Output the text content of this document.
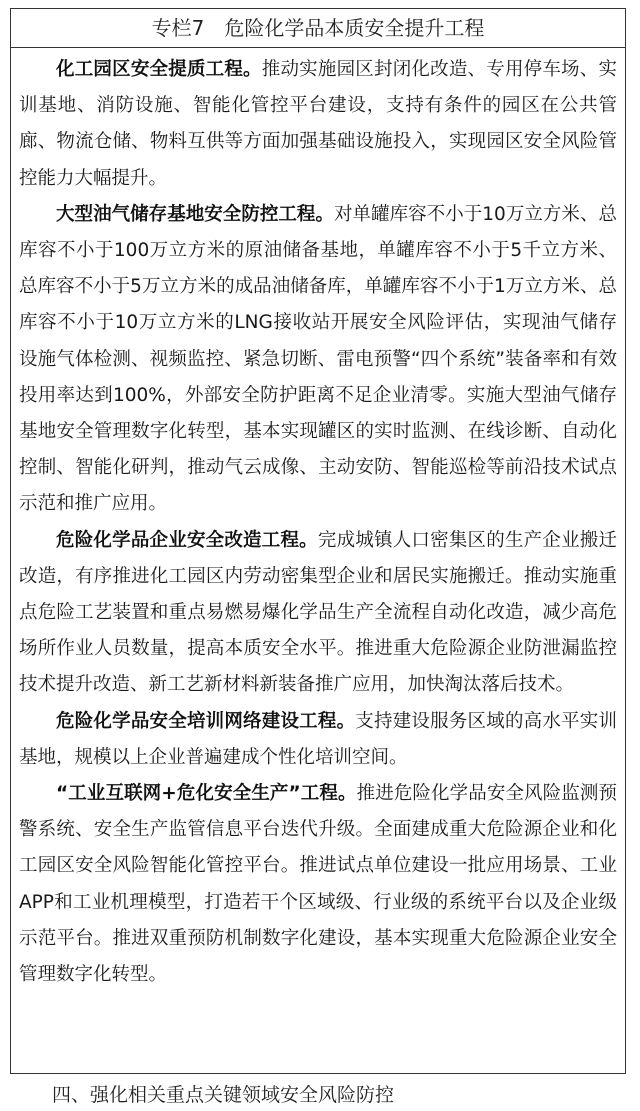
专栏7　危险化学品本质安全提升工程

化工园区安全提质工程。推动实施园区封闭化改造、专用停车场、实训基地、消防设施、智能化管控平台建设，支持有条件的园区在公共管廊、物流仓储、物料互供等方面加强基础设施投入，实现园区安全风险管控能力大幅提升。

大型油气储存基地安全防控工程。对单罐库容不小于10万立方米、总库容不小于100万立方米的原油储备基地，单罐库容不小于5千立方米、总库容不小于5万立方米的成品油储备库，单罐库容不小于1万立方米、总库容不小于10万立方米的LNG接收站开展安全风险评估，实现油气储存设施气体检测、视频监控、紧急切断、雷电预警“四个系统”装备率和有效投用率达到100%，外部安全防护距离不足企业清零。实施大型油气储存基地安全管理数字化转型，基本实现罐区的实时监测、在线诊断、自动化控制、智能化研判，推动气云成像、主动安防、智能巡检等前沿技术试点示范和推广应用。

危险化学品企业安全改造工程。完成城镇人口密集区的生产企业搬迁改造，有序推进化工园区内劳动密集型企业和居民实施搬迁。推动实施重点危险工艺装置和重点易燃易爆化学品生产全流程自动化改造，减少高危场所作业人员数量，提高本质安全水平。推进重大危险源企业防泄漏监控技术提升改造、新工艺新材料新装备推广应用，加快淘汰落后技术。

危险化学品安全培训网络建设工程。支持建设服务区域的高水平实训基地，规模以上企业普遍建成个性化培训空间。

“工业互联网+危化安全生产”工程。推进危险化学品安全风险监测预警系统、安全生产监管信息平台迭代升级。全面建成重大危险源企业和化工园区安全风险智能化管控平台。推进试点单位建设一批应用场景、工业APP和工业机理模型，打造若干个区域级、行业级的系统平台以及企业级示范平台。推进双重预防机制数字化建设，基本实现重大危险源企业安全管理数字化转型。

四、强化相关重点关键领域安全风险防控
